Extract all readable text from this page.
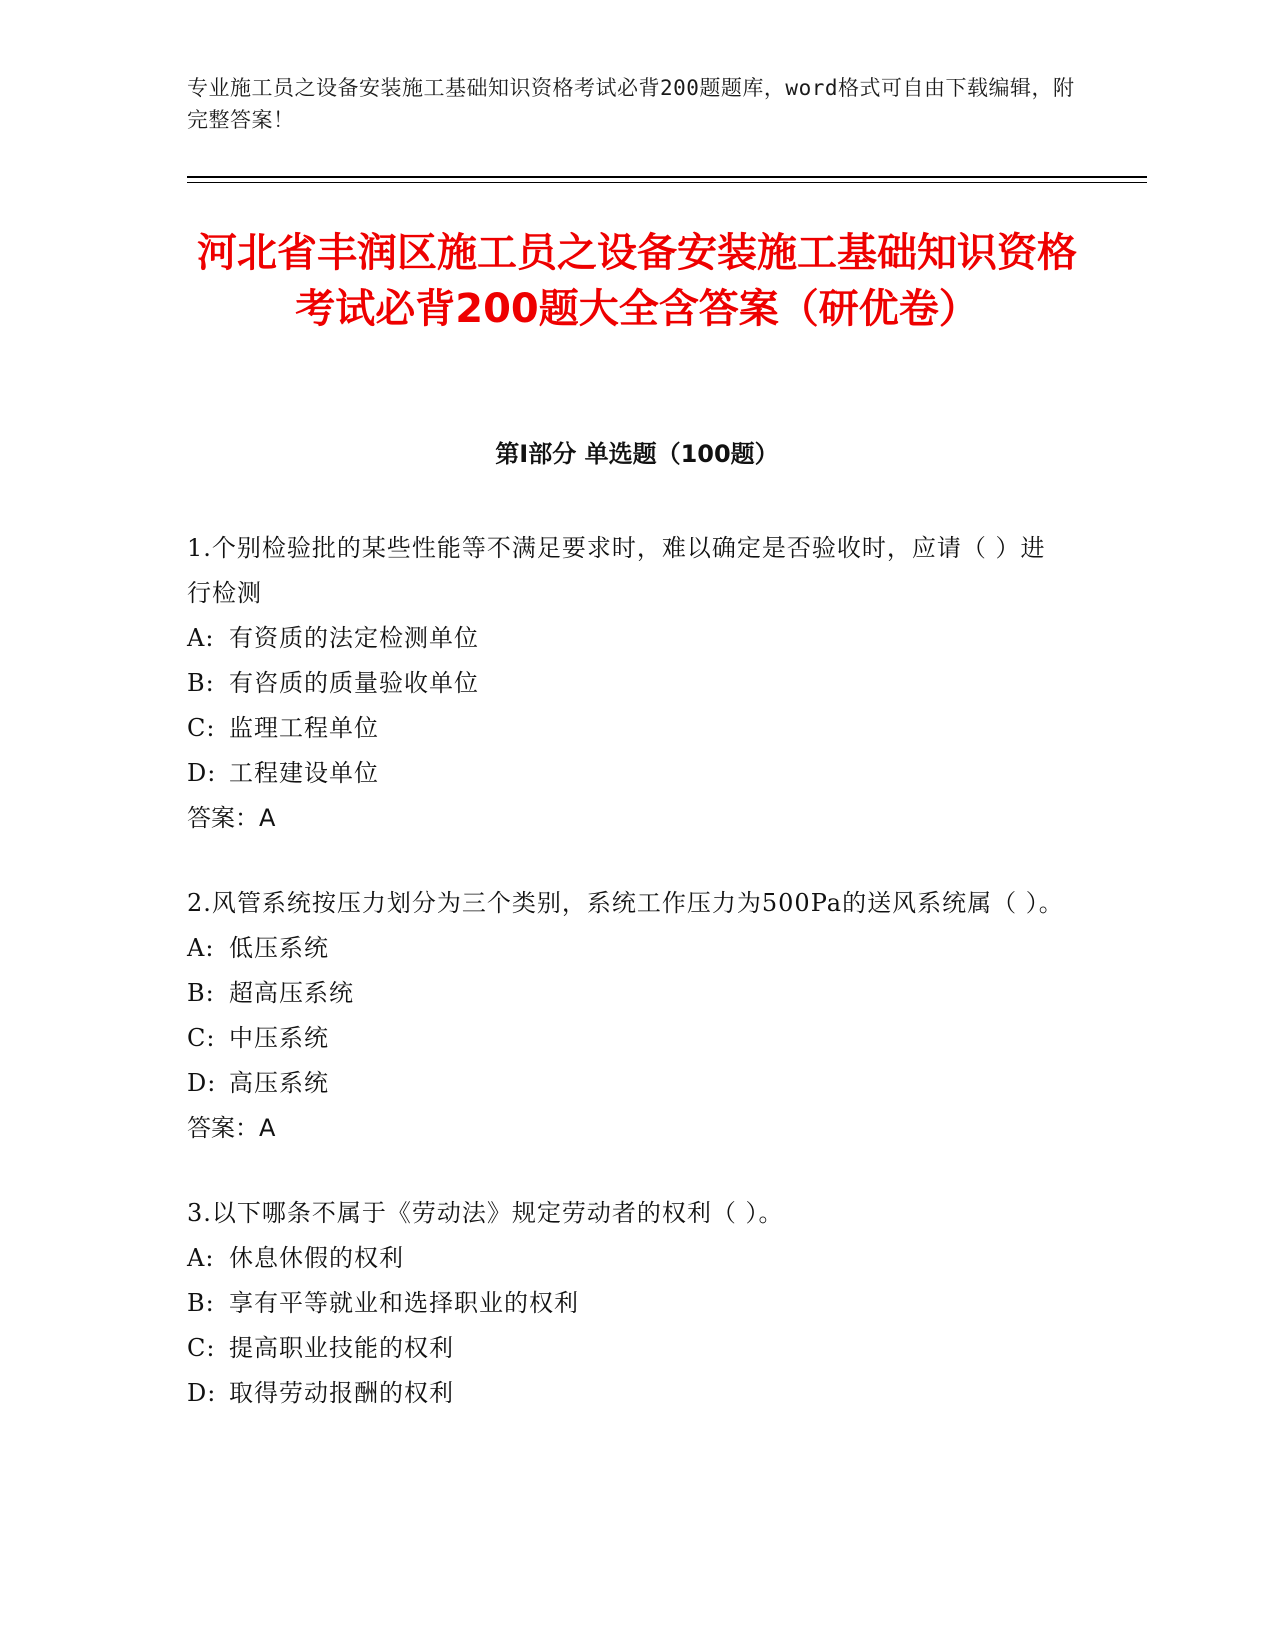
专业施工员之设备安装施工基础知识资格考试必背200题题库，word格式可自由下载编辑，附完整答案！
河北省丰润区施工员之设备安装施工基础知识资格考试必背200题大全含答案（研优卷）
第I部分 单选题（100题）
1.个别检验批的某些性能等不满足要求时，难以确定是否验收时，应请（ ）进行检测
A: 有资质的法定检测单位
B: 有咨质的质量验收单位
C: 监理工程单位
D: 工程建设单位
答案：A
2.风管系统按压力划分为三个类别，系统工作压力为500Pa的送风系统属（ ）。
A: 低压系统
B: 超高压系统
C: 中压系统
D: 高压系统
答案：A
3.以下哪条不属于《劳动法》规定劳动者的权利（ ）。
A: 休息休假的权利
B: 享有平等就业和选择职业的权利
C: 提高职业技能的权利
D: 取得劳动报酬的权利
